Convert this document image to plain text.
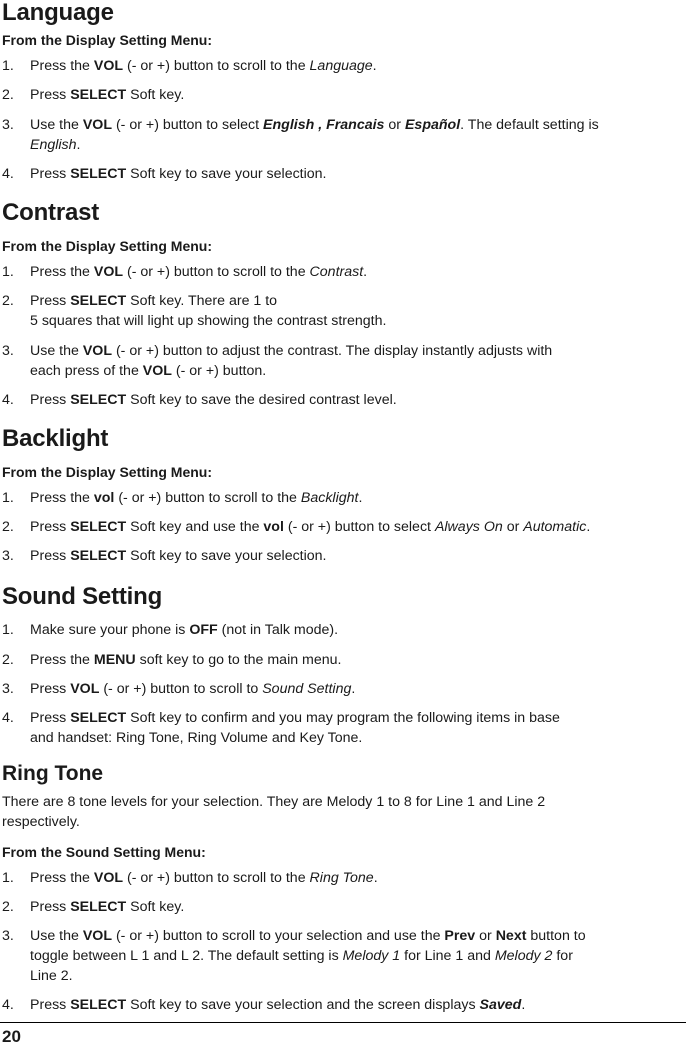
Language

From the Display Setting Menu:

1.	Press the VOL (- or +) button to scroll to the Language.
2.	Press SELECT Soft key.
3.	Use the VOL (- or +) button to select English , Francais or Español. The default setting is
English.
4.	Press SELECT Soft key to save your selection.
Contrast

From the Display Setting Menu:

1.	Press the VOL (- or +) button to scroll to the Contrast.
2.	Press SELECT Soft key. There are 1 to
5 squares that will light up showing the contrast strength.
3.	Use the VOL (- or +) button to adjust the contrast. The display instantly adjusts with
each press of the VOL (- or +) button.
4.	Press SELECT Soft key to save the desired contrast level.
Backlight

From the Display Setting Menu:

1.	Press the vol (- or +) button to scroll to the Backlight.
2.	Press SELECT Soft key and use the vol (- or +) button to select Always On or Automatic.
3.	Press SELECT Soft key to save your selection.
Sound Setting
1.	Make sure your phone is OFF (not in Talk mode).
2.	Press the MENU soft key to go to the main menu.
3.	Press VOL (- or +) button to scroll to Sound Setting.
4.	Press SELECT Soft key to confirm and you may program the following items in base
and handset: Ring Tone, Ring Volume and Key Tone.
Ring Tone
There are 8 tone levels for your selection. They are Melody 1 to 8 for Line 1 and Line 2
respectively.

From the Sound Setting Menu:

1.	Press the VOL (- or +) button to scroll to the Ring Tone.
2.	Press SELECT Soft key.
3.	Use the VOL (- or +) button to scroll to your selection and use the Prev or Next button to
toggle between L 1 and L 2. The default setting is Melody 1 for Line 1 and Melody 2 for
Line 2.
4.	Press SELECT Soft key to save your selection and the screen displays Saved.
20
